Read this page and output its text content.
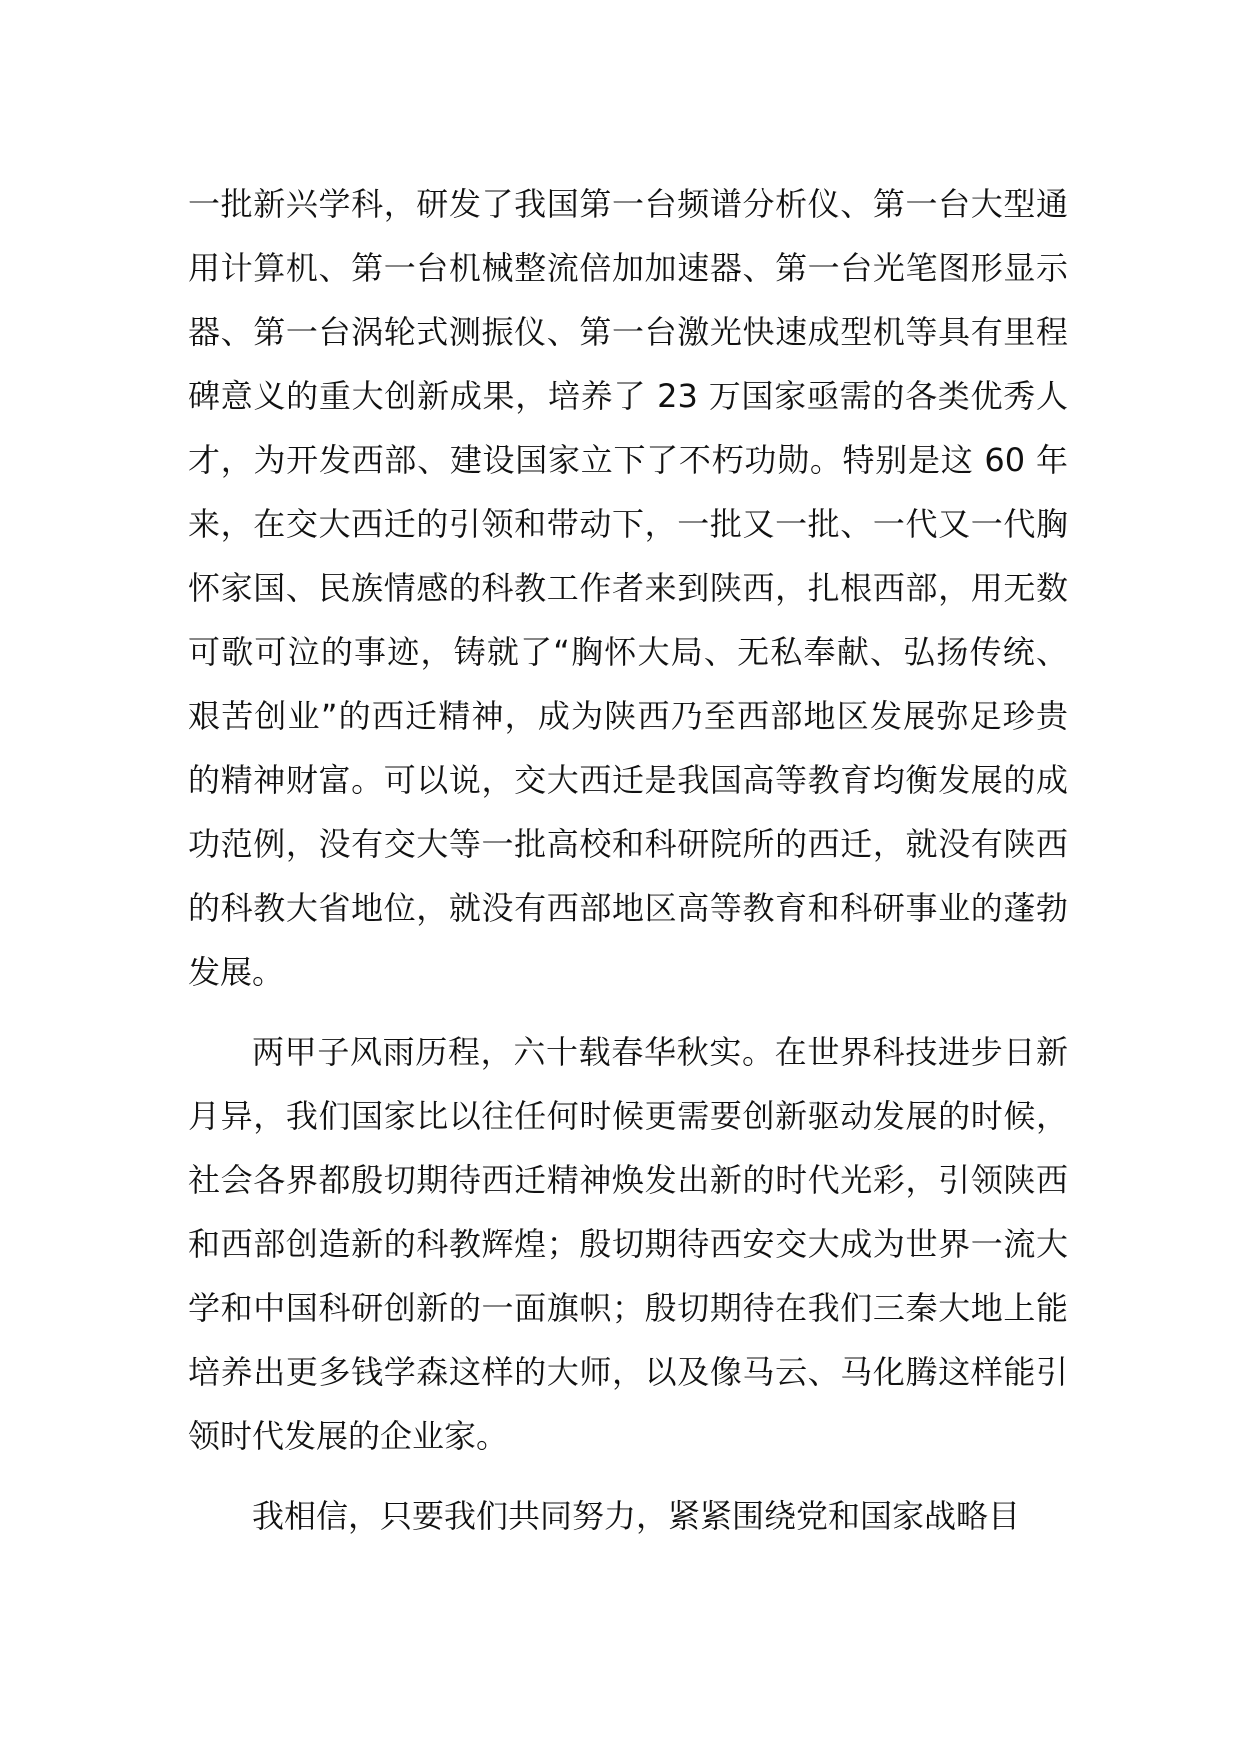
一批新兴学科，研发了我国第一台频谱分析仪、第一台大型通用计算机、第一台机械整流倍加加速器、第一台光笔图形显示器、第一台涡轮式测振仪、第一台激光快速成型机等具有里程碑意义的重大创新成果，培养了 23 万国家亟需的各类优秀人才，为开发西部、建设国家立下了不朽功勋。特别是这 60 年来，在交大西迁的引领和带动下，一批又一批、一代又一代胸怀家国、民族情感的科教工作者来到陕西，扎根西部，用无数可歌可泣的事迹，铸就了“胸怀大局、无私奉献、弘扬传统、艰苦创业”的西迁精神，成为陕西乃至西部地区发展弥足珍贵的精神财富。可以说，交大西迁是我国高等教育均衡发展的成功范例，没有交大等一批高校和科研院所的西迁，就没有陕西的科教大省地位，就没有西部地区高等教育和科研事业的蓬勃发展。

两甲子风雨历程，六十载春华秋实。在世界科技进步日新月异，我们国家比以往任何时候更需要创新驱动发展的时候，社会各界都殷切期待西迁精神焕发出新的时代光彩，引领陕西和西部创造新的科教辉煌；殷切期待西安交大成为世界一流大学和中国科研创新的一面旗帜；殷切期待在我们三秦大地上能培养出更多钱学森这样的大师，以及像马云、马化腾这样能引领时代发展的企业家。

我相信，只要我们共同努力，紧紧围绕党和国家战略目
